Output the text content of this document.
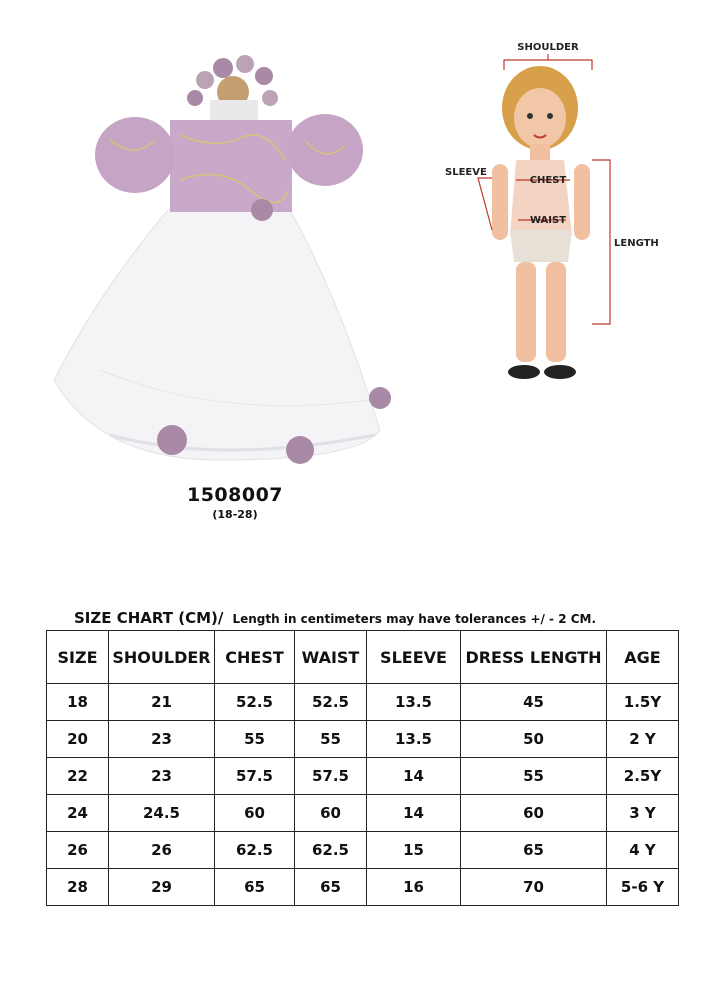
1508007
(18-28)
SHOULDER
SLEEVE
CHEST
WAIST
LENGTH
SIZE CHART (CM)/ Length in centimeters may have tolerances +/ - 2 CM.
SIZE	SHOULDER	CHEST	WAIST	SLEEVE	DRESS LENGTH	AGE
18	21	52.5	52.5	13.5	45	1.5Y
20	23	55	55	13.5	50	2 Y
22	23	57.5	57.5	14	55	2.5Y
24	24.5	60	60	14	60	3 Y
26	26	62.5	62.5	15	65	4 Y
28	29	65	65	16	70	5-6 Y
